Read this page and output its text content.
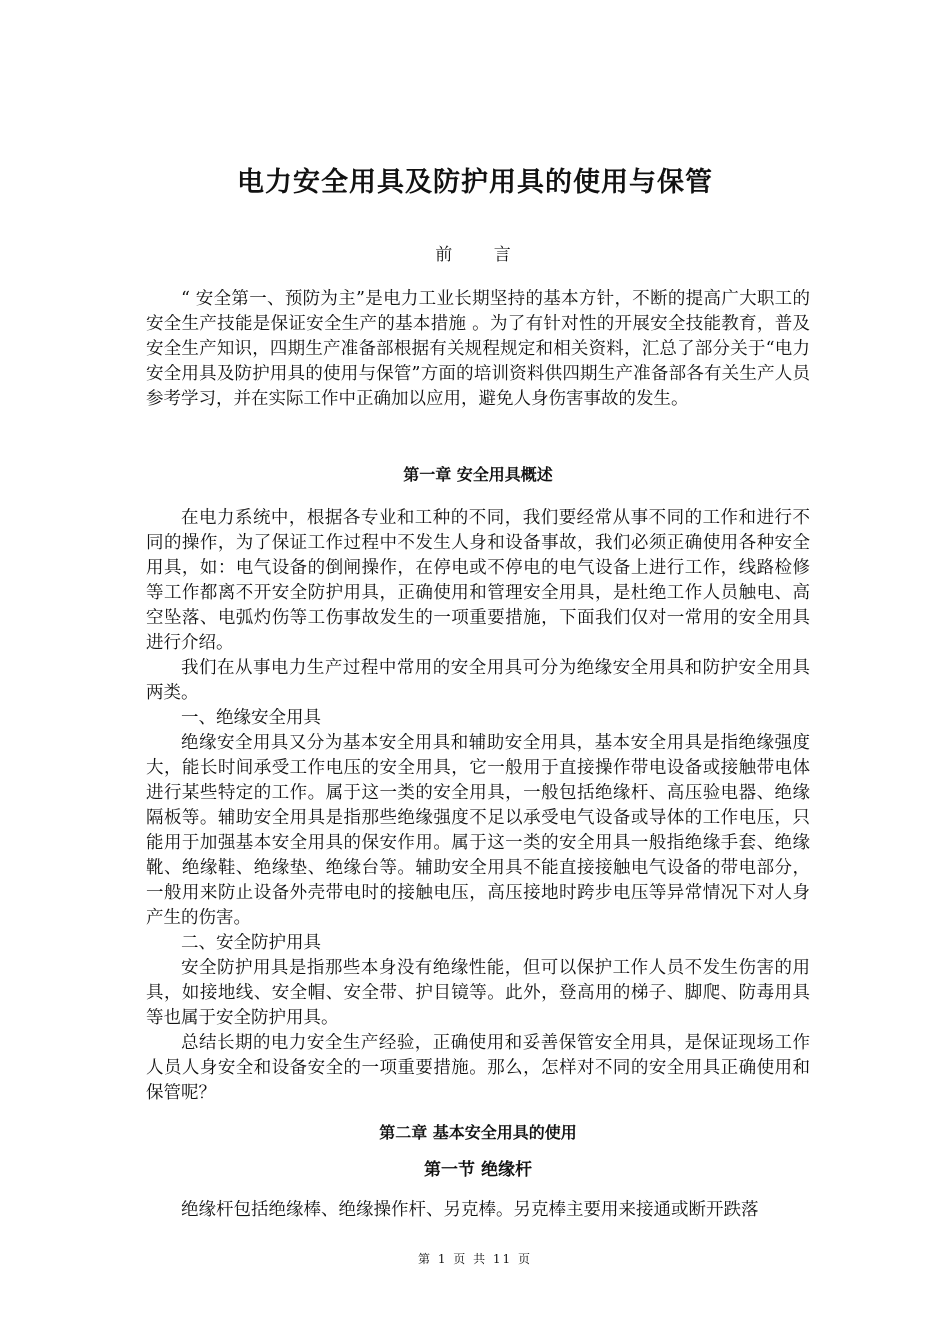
电力安全用具及防护用具的使用与保管
前 言

“ 安全第一、预防为主”是电力工业长期坚持的基本方针，不断的提高广大职工的安全生产技能是保证安全生产的基本措施 。为了有针对性的开展安全技能教育，普及安全生产知识，四期生产准备部根据有关规程规定和相关资料，汇总了部分关于“电力安全用具及防护用具的使用与保管”方面的培训资料供四期生产准备部各有关生产人员参考学习，并在实际工作中正确加以应用，避免人身伤害事故的发生。

第一章 安全用具概述

在电力系统中，根据各专业和工种的不同，我们要经常从事不同的工作和进行不同的操作，为了保证工作过程中不发生人身和设备事故，我们必须正确使用各种安全用具，如：电气设备的倒闸操作，在停电或不停电的电气设备上进行工作，线路检修等工作都离不开安全防护用具，正确使用和管理安全用具，是杜绝工作人员触电、高空坠落、电弧灼伤等工伤事故发生的一项重要措施，下面我们仅对一常用的安全用具进行介绍。

我们在从事电力生产过程中常用的安全用具可分为绝缘安全用具和防护安全用具两类。

一、绝缘安全用具

绝缘安全用具又分为基本安全用具和辅助安全用具，基本安全用具是指绝缘强度大，能长时间承受工作电压的安全用具，它一般用于直接操作带电设备或接触带电体进行某些特定的工作。属于这一类的安全用具，一般包括绝缘杆、高压验电器、绝缘隔板等。辅助安全用具是指那些绝缘强度不足以承受电气设备或导体的工作电压，只能用于加强基本安全用具的保安作用。属于这一类的安全用具一般指绝缘手套、绝缘靴、绝缘鞋、绝缘垫、绝缘台等。辅助安全用具不能直接接触电气设备的带电部分，一般用来防止设备外壳带电时的接触电压，高压接地时跨步电压等异常情况下对人身产生的伤害。

二、安全防护用具

安全防护用具是指那些本身没有绝缘性能，但可以保护工作人员不发生伤害的用具，如接地线、安全帽、安全带、护目镜等。此外，登高用的梯子、脚爬、防毒用具等也属于安全防护用具。

总结长期的电力安全生产经验，正确使用和妥善保管安全用具，是保证现场工作人员人身安全和设备安全的一项重要措施。那么，怎样对不同的安全用具正确使用和保管呢？

第二章 基本安全用具的使用
第一节 绝缘杆

绝缘杆包括绝缘棒、绝缘操作杆、另克棒。另克棒主要用来接通或断开跌落

第 1 页 共 11 页
